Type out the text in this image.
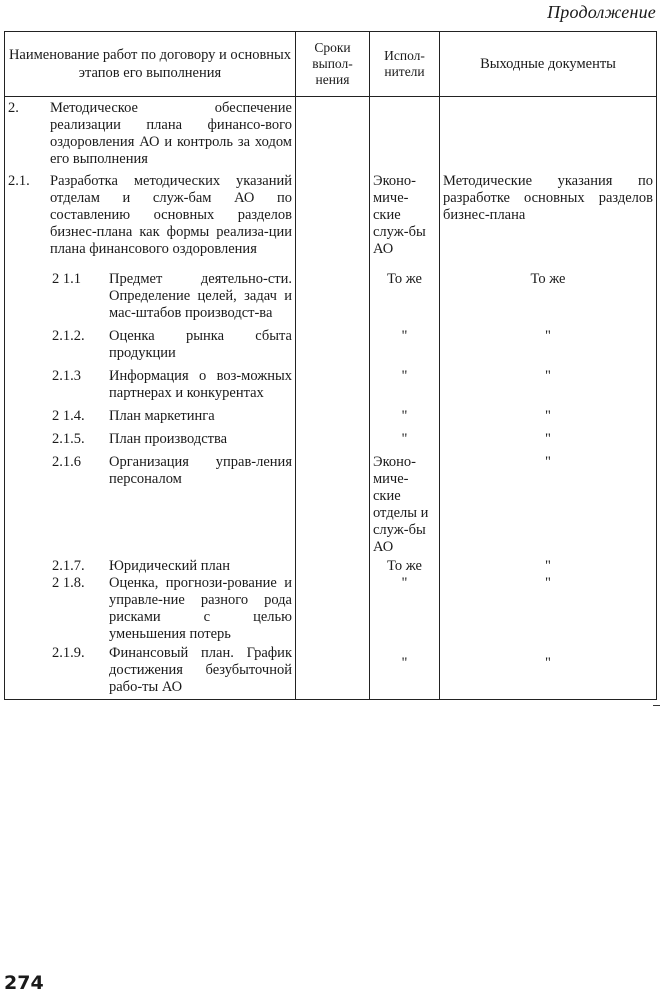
Продолжение
Наименование работ по договору и основных этапов его выполнения	Сроки выпол-нения	Испол-нители	Выходные документы

2. Методическое обеспечение реализации плана финансо-вого оздоровления АО и контроль за ходом его выполнения			

2.1. Разработка методических указаний отделам и служ-бам АО по составлению основных разделов бизнес-плана как формы реализа-ции плана финансового оздоровления		Эконо-миче-ские служ-бы АО	Методические указания по разработке основных разделов бизнес-плана

2 1.1 Предмет деятельно-сти. Определение целей, задач и мас-штабов производст-ва		То же	То же

2.1.2. Оценка рынка сбыта продукции		"	"

2.1.3 Информация о воз-можных партнерах и конкурентах		"	"

2 1.4. План маркетинга		"	"

2.1.5. План производства		"	"

2.1.6 Организация управ-ления персоналом		Эконо-миче-ские отделы и служ-бы АО	"

2.1.7. Юридический план		То же	"

2 1.8. Оценка, прогнози-рование и управле-ние разного рода рисками с целью уменьшения потерь		"	"

2.1.9. Финансовый план. График достижения безубыточной рабо-ты АО		"	"
274
